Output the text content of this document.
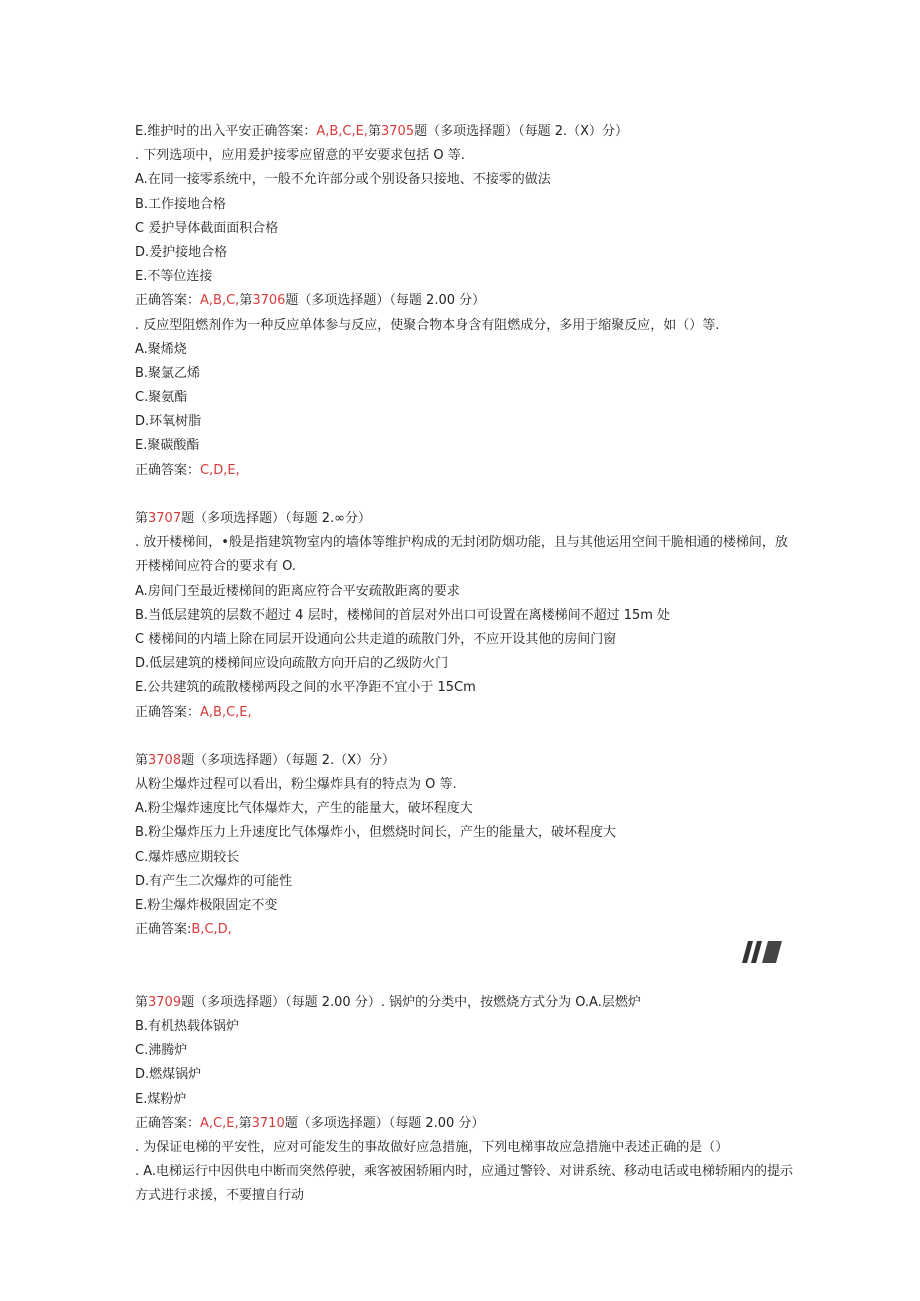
E.维护时的出入平安正确答案：A,B,C,E,第3705题（多项选择题）（每题 2.（X）分）
. 下列选项中，应用爰护接零应留意的平安要求包括 O 等.
A.在同一接零系统中，一般不允许部分或个别设备只接地、不接零的做法
B.工作接地合格
C 爰护导体截面面积合格
D.爰护接地合格
E.不等位连接
正确答案：A,B,C,第3706题（多项选择题）（每题 2.00 分）
. 反应型阻燃剂作为一种反应单体参与反应，使聚合物本身含有阻燃成分，多用于缩聚反应，如（）等.
A.聚烯烧
B.聚氯乙烯
C.聚氨酯
D.环氧树脂
E.聚碳酸酯
正确答案：C,D,E,
第3707题（多项选择题）（每题 2.∞分）
. 放开楼梯间，•般是指建筑物室内的墙体等维护构成的无封闭防烟功能，且与其他运用空间干脆相通的楼梯间，放开楼梯间应符合的要求有 O.
A.房间门至最近楼梯间的距离应符合平安疏散距离的要求
B.当低层建筑的层数不超过 4 层时，楼梯间的首层对外出口可设置在离楼梯间不超过 15m 处
C 楼梯间的内墙上除在同层开设通向公共走道的疏散门外，不应开设其他的房间门窗
D.低层建筑的楼梯间应设向疏散方向开启的乙级防火门
E.公共建筑的疏散楼梯两段之间的水平净距不宜小于 15Cm
正确答案：A,B,C,E,
第3708题（多项选择题）（每题 2.（X）分）
从粉尘爆炸过程可以看出，粉尘爆炸具有的特点为 O 等.
A.粉尘爆炸速度比气体爆炸大，产生的能量大，破坏程度大
B.粉尘爆炸压力上升速度比气体爆炸小，但燃烧时间长，产生的能量大，破坏程度大
C.爆炸感应期较长
D.有产生二次爆炸的可能性
E.粉尘爆炸极限固定不变
正确答案:B,C,D,
第3709题（多项选择题）（每题 2.00 分）. 锅炉的分类中，按燃烧方式分为 O.A.层燃炉
B.有机热载体锅炉
C.沸腾炉
D.燃煤锅炉
E.煤粉炉
正确答案：A,C,E,第3710题（多项选择题）（每题 2.00 分）
. 为保证电梯的平安性，应对可能发生的事故做好应急措施，下列电梯事故应急措施中表述正确的是（）
. A.电梯运行中因供电中断而突然停驶，乘客被困轿厢内时，应通过警铃、对讲系统、移动电话或电梯轿厢内的提示方式进行求援，不要擅自行动
